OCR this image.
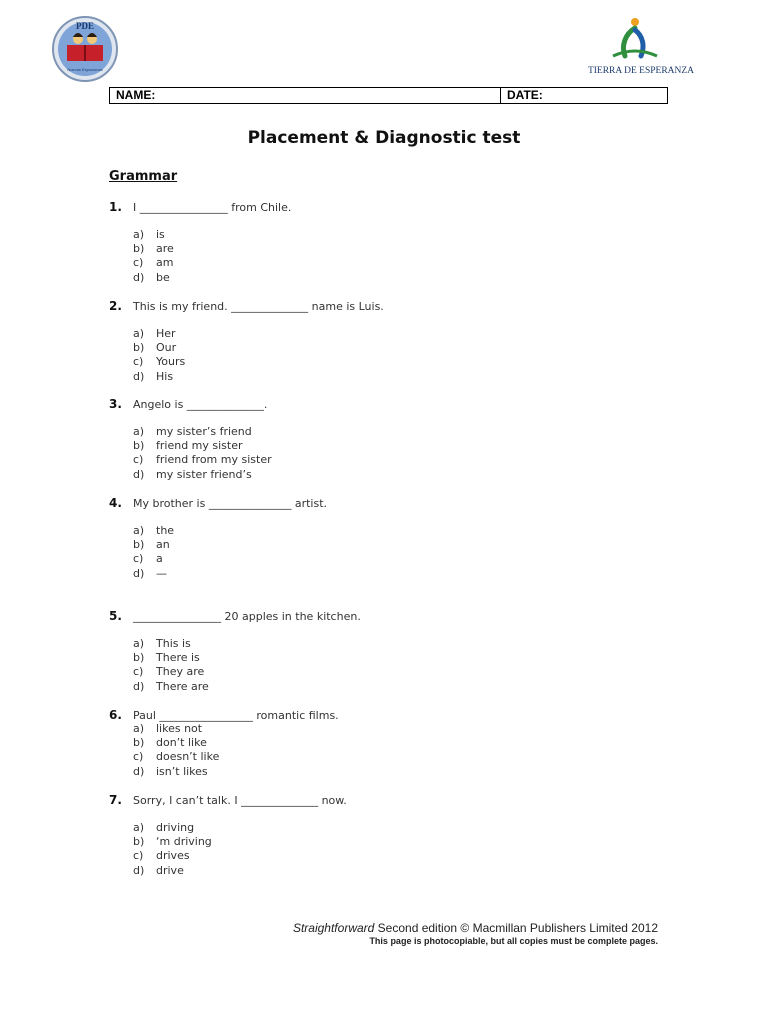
PDE
Nuevas Espociones	TIERRA DE ESPERANZA
NAME:	DATE:
Placement & Diagnostic test
Grammar
1. I ________________ from Chile.
a) is
b) are
c) am
d) be
2. This is my friend. ______________ name is Luis.
a) Her
b) Our
c) Yours
d) His
3. Angelo is ______________.
a) my sister’s friend
b) friend my sister
c) friend from my sister
d) my sister friend’s
4. My brother is _______________ artist.
a) the
b) an
c) a
d) —
5. ________________ 20 apples in the kitchen.
a) This is
b) There is
c) They are
d) There are
6. Paul _________________ romantic films.
a) likes not
b) don’t like
c) doesn’t like
d) isn’t likes
7. Sorry, I can’t talk. I ______________ now.
a) driving
b) ‘m driving
c) drives
d) drive
Straightforward Second edition © Macmillan Publishers Limited 2012
This page is photocopiable, but all copies must be complete pages.
